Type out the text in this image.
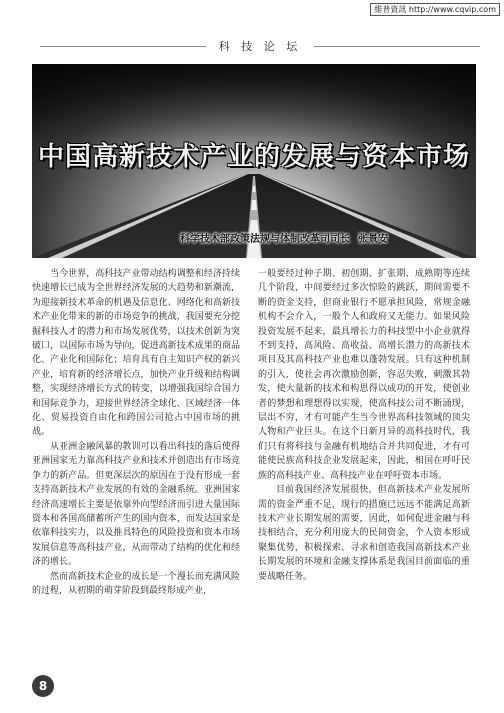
維普資訊 http://www.cqvip.com
科 技 论 坛
中国高新技术产业的发展与资本市场
科学技术部政策法规与体制改革司司长 张景安

当今世界，高科技产业带动结构调整和经济持续快速增长已成为全世界经济发展的大趋势和新潮流，为迎接新技术革命的机遇及信息化、网络化和高新技术产业化带来的新的市场竞争的挑战，我国要充分挖掘科技人才的潜力和市场发展优势，以技术创新为突破口，以国际市场为导向，促进高新技术成果的商品化、产业化和国际化；培育具有自主知识产权的新兴产业，培育新的经济增长点，加快产业升级和结构调整，实现经济增长方式的转变，以增强我国综合国力和国际竞争力，迎接世界经济全球化、区域经济一体化、贸易投资自由化和跨国公司抢占中国市场的挑战。

从亚洲金融风暴的教训可以看出科技的落后使得亚洲国家无力靠高科技产业和技术并创造出有市场竞争力的新产品。但更深层次的原因在于没有形成一套支持高新技术产业发展的有效的金融系统。亚洲国家经济高速增长主要是依靠外向型经济而引进大量国际资本和各国高储蓄所产生的国内资本，而发达国家是依靠科技实力，以及推具特色的风险投资和资本市场发展信息等高科技产业，从而带动了结构的优化和经济的增长。

然而高新技术企业的成长是一个漫长而充满风险的过程，从初期的萌芽阶段到最终形成产业，

一般要经过种子期、初创期、扩张期、成熟期等连续几个阶段，中间要经过多次惊险的跳跃，期间需要不断的资金支持，但商业银行不愿承担风险，常规金融机构不会介入，一般个人和政府又无能力。如果风险投资发展不起来，最具增长力的科技型中小企业就得不到支持，高风险、高收益、高增长潜力的高新技术项目及其高科技产业也难以蓬勃发展。只有这种机制的引入，使社会再次激励创新，容忍失败，刺激其勃发，使大量新的技术和构思得以成功的开发，使创业者的梦想和理想得以实现，使高科技公司不断涌现，层出不穷，才有可能产生当今世界高科技领域的顶尖人物和产业巨头。在这个日新月异的高科技时代，我们只有将科技与金融有机地结合并共同促进，才有可能使民族高科技企业发展起来，因此，相国在呼吁民族的高科技产业、高科技产业在呼吁资本市场。

目前我国经济发展很快，但高新技术产业发展所需的资金严重不足，现行的措施已远远不能满足高新技术产业长期发展的需要，因此，如何促进金融与科技相结合，充分利用庞大的民间资金，个人资本形成聚集优势，积极探索、寻求和创造我国高新技术产业长期发展的环境和金融支撑体系是我国目前面临的重要战略任务。

8
